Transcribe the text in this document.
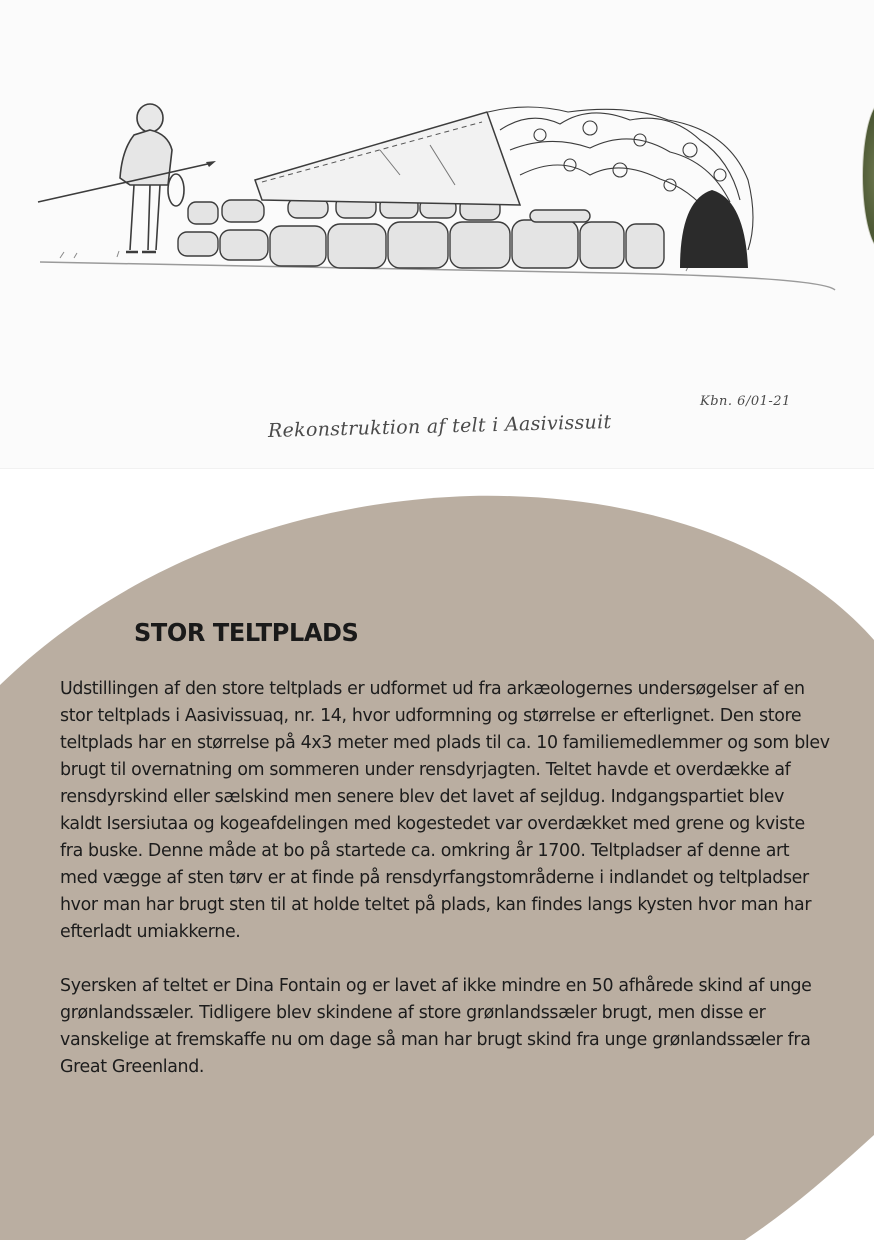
Kbn. 6/01-21
Rekonstruktion af telt i Aasivissuit
STOR TELTPLADS

Udstillingen af den store teltplads er udformet ud fra arkæologernes undersøgelser af en stor teltplads i Aasivissuaq, nr. 14, hvor udformning og størrelse er efterlignet. Den store teltplads har en størrelse på 4x3 meter med plads til ca. 10 familiemedlemmer og som blev brugt til overnatning om sommeren under rensdyrjagten. Teltet havde et overdække af rensdyrskind eller sælskind men senere blev det lavet af sejldug. Indgangspartiet blev kaldt Isersiutaa og kogeafdelingen med kogestedet var overdækket med grene og kviste fra buske. Denne måde at bo på startede ca. omkring år 1700. Teltpladser af denne art med vægge af sten tørv er at finde på rensdyrfangstområderne i indlandet og teltpladser hvor man har brugt sten til at holde teltet på plads, kan findes langs kysten hvor man har efterladt umiakkerne.

Syersken af teltet er Dina Fontain og er lavet af ikke mindre en 50 afhårede skind af unge grønlandssæler. Tidligere blev skindene af store grønlandssæler brugt, men disse er vanskelige at fremskaffe nu om dage så man har brugt skind fra unge grønlandssæler fra Great Greenland.
